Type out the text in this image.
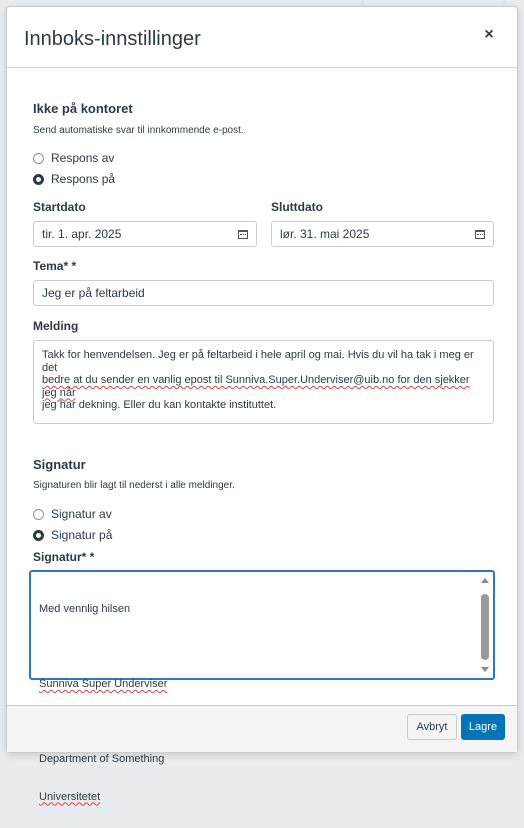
Innboks-innstillinger	×
Ikke på kontoret
Send automatiske svar til innkommende e-post.
Respons av
Respons på
Startdato
tir. 1. apr. 2025
Sluttdato
lør. 31. mai 2025
Tema* *
Jeg er på feltarbeid
Melding
Takk for henvendelsen. Jeg er på feltarbeid i hele april og mai. Hvis du vil ha tak i meg er det
bedre at du sender en vanlig epost til Sunniva.Super.Underviser@uib.no for den sjekker jeg når
jeg har dekning. Eller du kan kontakte instituttet.
Signatur
Signaturen blir lagt til nederst i alle meldinger.
Signatur av
Signatur på
Signatur* *

Med vennlig hilsen

Sunniva Super Underviser

Department of Something

Universitetet

Avbryt	Lagre
